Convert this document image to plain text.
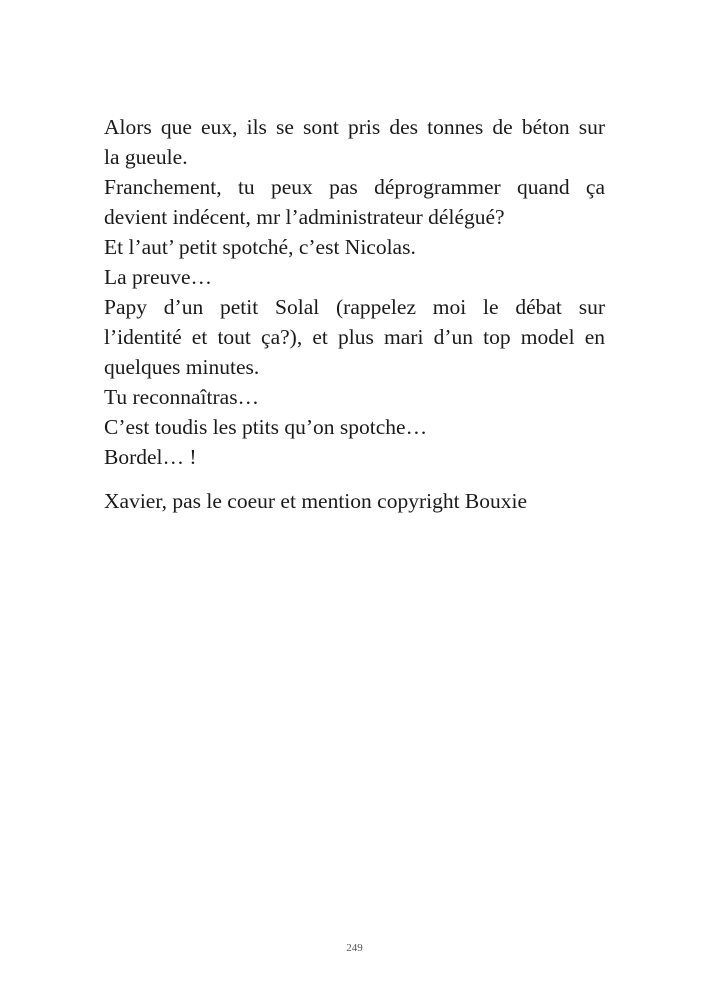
Alors que eux, ils se sont pris des tonnes de béton sur
la gueule.
Franchement, tu peux pas déprogrammer quand ça
devient indécent, mr l’administrateur délégué?
Et l’aut’ petit spotché, c’est Nicolas.
La preuve…
Papy d’un petit Solal (rappelez moi le débat sur
l’identité et tout ça?), et plus mari d’un top model en
quelques minutes.
Tu reconnaîtras…
C’est toudis les ptits qu’on spotche…
Bordel… !
Xavier, pas le coeur et mention copyright Bouxie
249
